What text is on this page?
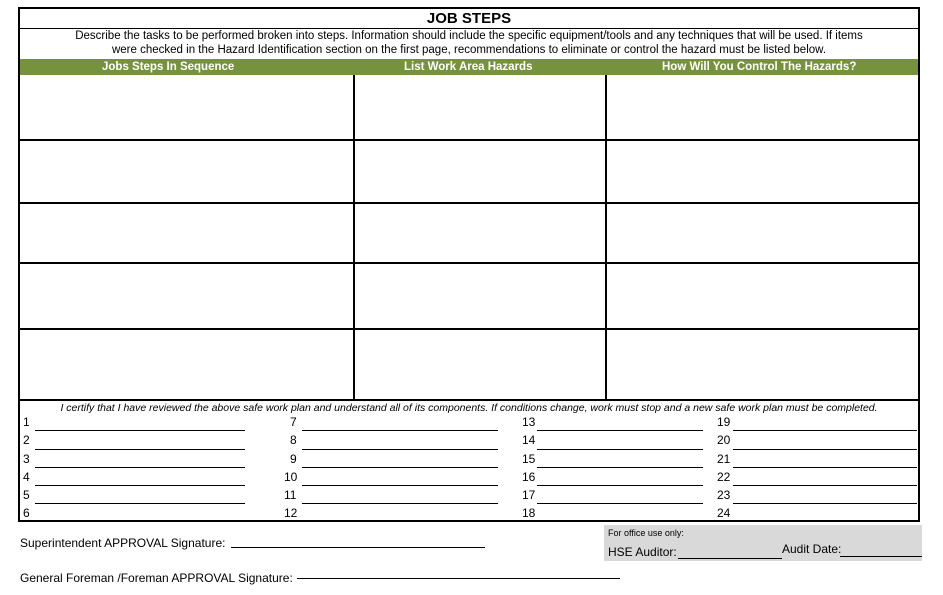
JOB STEPS
Describe the tasks to be performed broken into steps. Information should include the specific equipment/tools and any techniques that will be used. If items
were checked in the Hazard Identification section on the first page, recommendations to eliminate or control the hazard must be listed below.
Jobs Steps In Sequence	List Work Area Hazards	How Will You Control The Hazards?
I certify that I have reviewed the above safe work plan and understand all of its components. If conditions change, work must stop and a new safe work plan must be completed.
1
2
3
4
5
6
7
8
9
10
11
12
13
14
15
16
17
18
19
20
21
22
23
24
Superintendent APPROVAL Signature:
General Foreman /Foreman APPROVAL Signature:
For office use only:
HSE Auditor:	Audit Date:
